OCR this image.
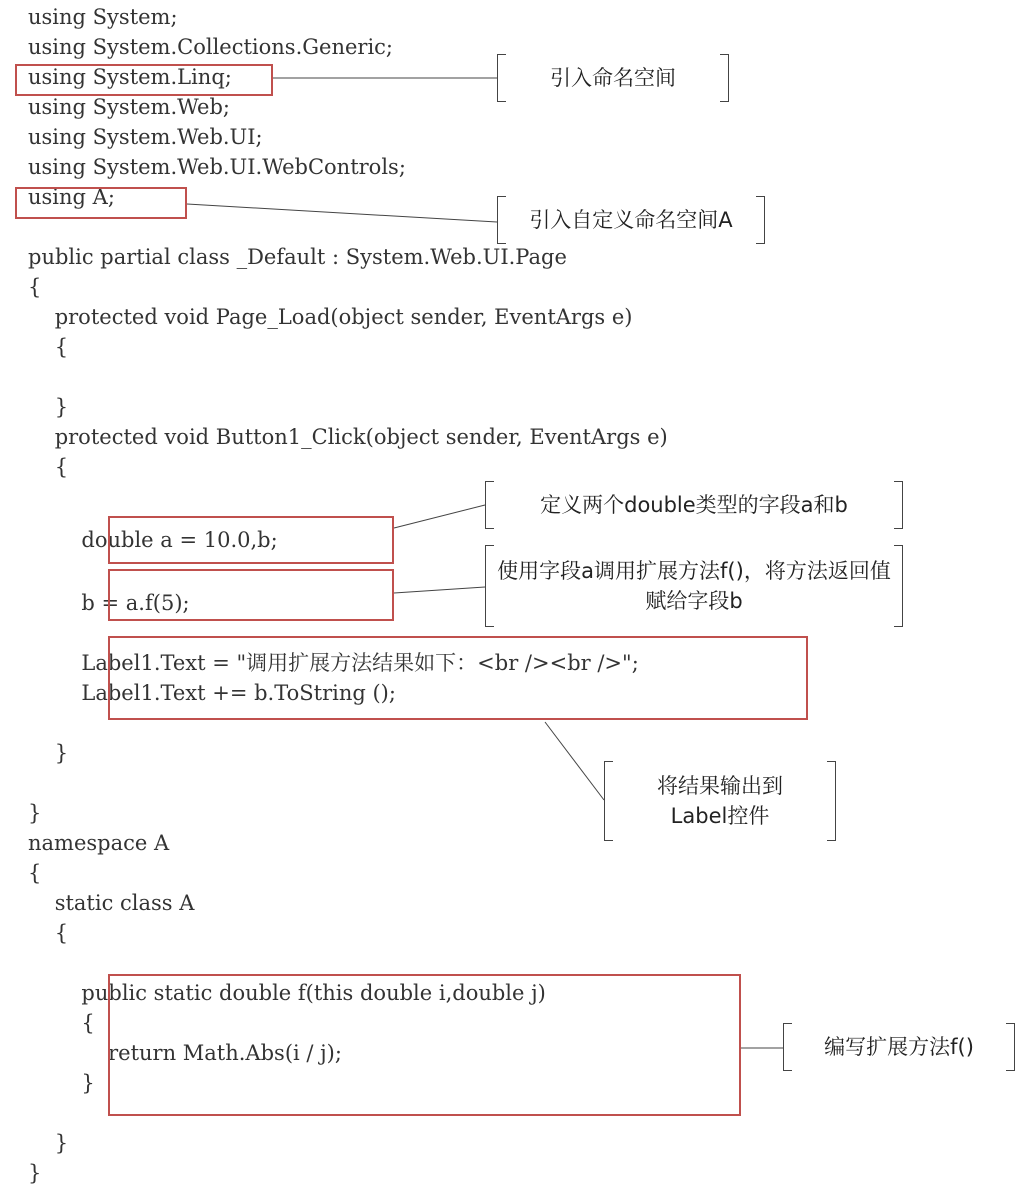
using System;
using System.Collections.Generic;
using System.Linq;
using System.Web;
using System.Web.UI;
using System.Web.UI.WebControls;
using A;

public partial class _Default : System.Web.UI.Page
{
protected void Page_Load(object sender, EventArgs e)
{

}
protected void Button1_Click(object sender, EventArgs e)
{
double a = 10.0,b;
b = a.f(5);
Label1.Text = "调用扩展方法结果如下：<br /><br />";
Label1.Text += b.ToString ();

}

}
namespace A
{
static class A
{

public static double f(this double i,double j)
{
return Math.Abs(i / j);
}

}
}
引入命名空间
引入自定义命名空间A
定义两个double类型的字段a和b
使用字段a调用扩展方法f()，将方法返回值赋给字段b
将结果输出到Label控件
编写扩展方法f()
